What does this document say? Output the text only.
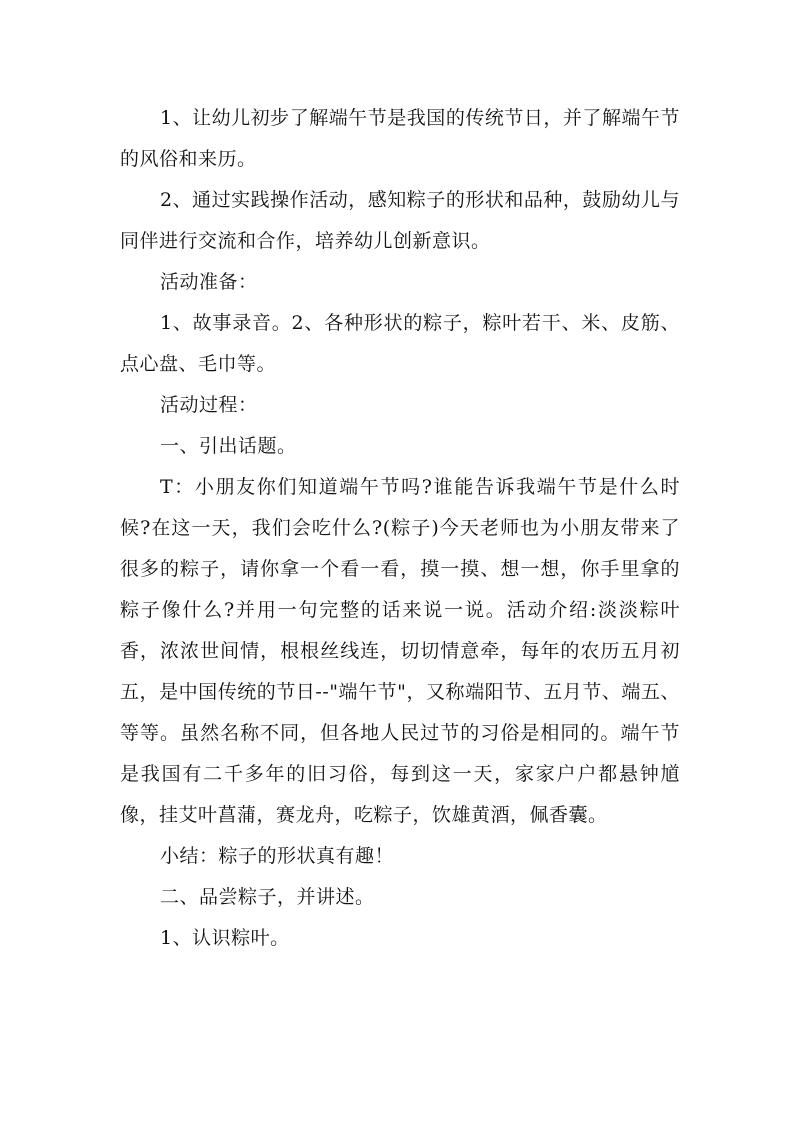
1、让幼儿初步了解端午节是我国的传统节日，并了解端午节的风俗和来历。

2、通过实践操作活动，感知粽子的形状和品种，鼓励幼儿与同伴进行交流和合作，培养幼儿创新意识。

活动准备：

1、故事录音。2、各种形状的粽子，粽叶若干、米、皮筋、点心盘、毛巾等。

活动过程：

一、引出话题。

T：小朋友你们知道端午节吗?谁能告诉我端午节是什么时候?在这一天，我们会吃什么?(粽子)今天老师也为小朋友带来了很多的粽子，请你拿一个看一看，摸一摸、想一想，你手里拿的粽子像什么?并用一句完整的话来说一说。活动介绍:淡淡粽叶香，浓浓世间情，根根丝线连，切切情意牵，每年的农历五月初五，是中国传统的节日--"端午节"，又称端阳节、五月节、端五、等等。虽然名称不同，但各地人民过节的习俗是相同的。端午节是我国有二千多年的旧习俗，每到这一天，家家户户都悬钟馗像，挂艾叶菖蒲，赛龙舟，吃粽子，饮雄黄酒，佩香囊。

小结：粽子的形状真有趣！

二、品尝粽子，并讲述。

1、认识粽叶。
